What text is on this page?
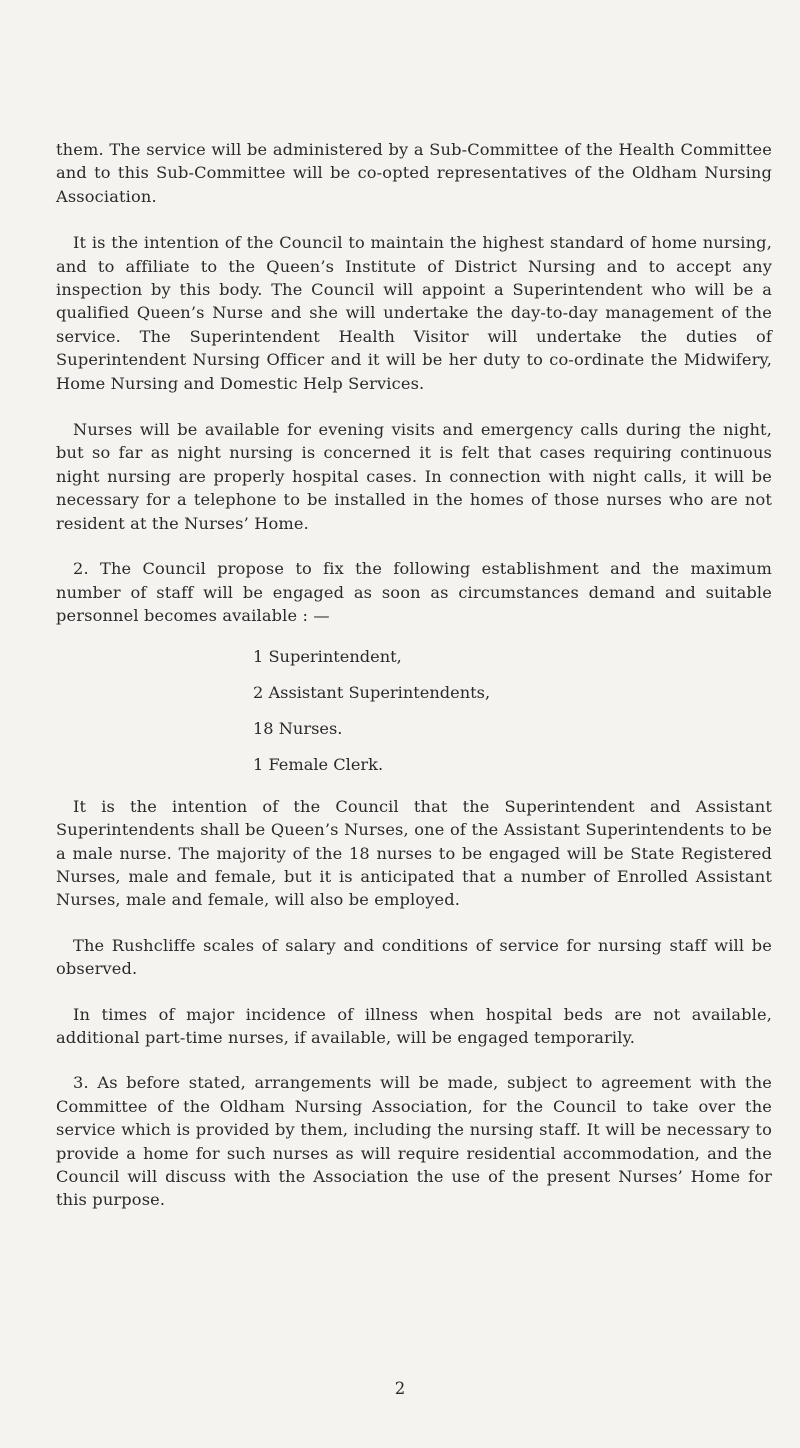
them. The service will be administered by a Sub-Committee of the Health Committee and to this Sub-Committee will be co-opted representatives of the Oldham Nursing Association.

It is the intention of the Council to maintain the highest standard of home nursing, and to affiliate to the Queen’s Institute of District Nursing and to accept any inspection by this body. The Council will appoint a Superintendent who will be a qualified Queen’s Nurse and she will undertake the day-to-day management of the service. The Superintendent Health Visitor will undertake the duties of Superintendent Nursing Officer and it will be her duty to co-ordinate the Midwifery, Home Nursing and Domestic Help Services.

Nurses will be available for evening visits and emergency calls during the night, but so far as night nursing is concerned it is felt that cases requiring continuous night nursing are properly hospital cases. In connection with night calls, it will be necessary for a telephone to be installed in the homes of those nurses who are not resident at the Nurses’ Home.

2. The Council propose to fix the following establishment and the maximum number of staff will be engaged as soon as circumstances demand and suitable personnel becomes available : —

1 Superintendent,
2 Assistant Superintendents,
18 Nurses.
1 Female Clerk.

It is the intention of the Council that the Superintendent and Assistant Superintendents shall be Queen’s Nurses, one of the Assistant Superintendents to be a male nurse. The majority of the 18 nurses to be engaged will be State Registered Nurses, male and female, but it is anticipated that a number of Enrolled Assistant Nurses, male and female, will also be employed.

The Rushcliffe scales of salary and conditions of service for nursing staff will be observed.

In times of major incidence of illness when hospital beds are not available, additional part-time nurses, if available, will be engaged temporarily.

3. As before stated, arrangements will be made, subject to agreement with the Committee of the Oldham Nursing Association, for the Council to take over the service which is provided by them, including the nursing staff. It will be necessary to provide a home for such nurses as will require residential accommodation, and the Council will discuss with the Association the use of the present Nurses’ Home for this purpose.

2
